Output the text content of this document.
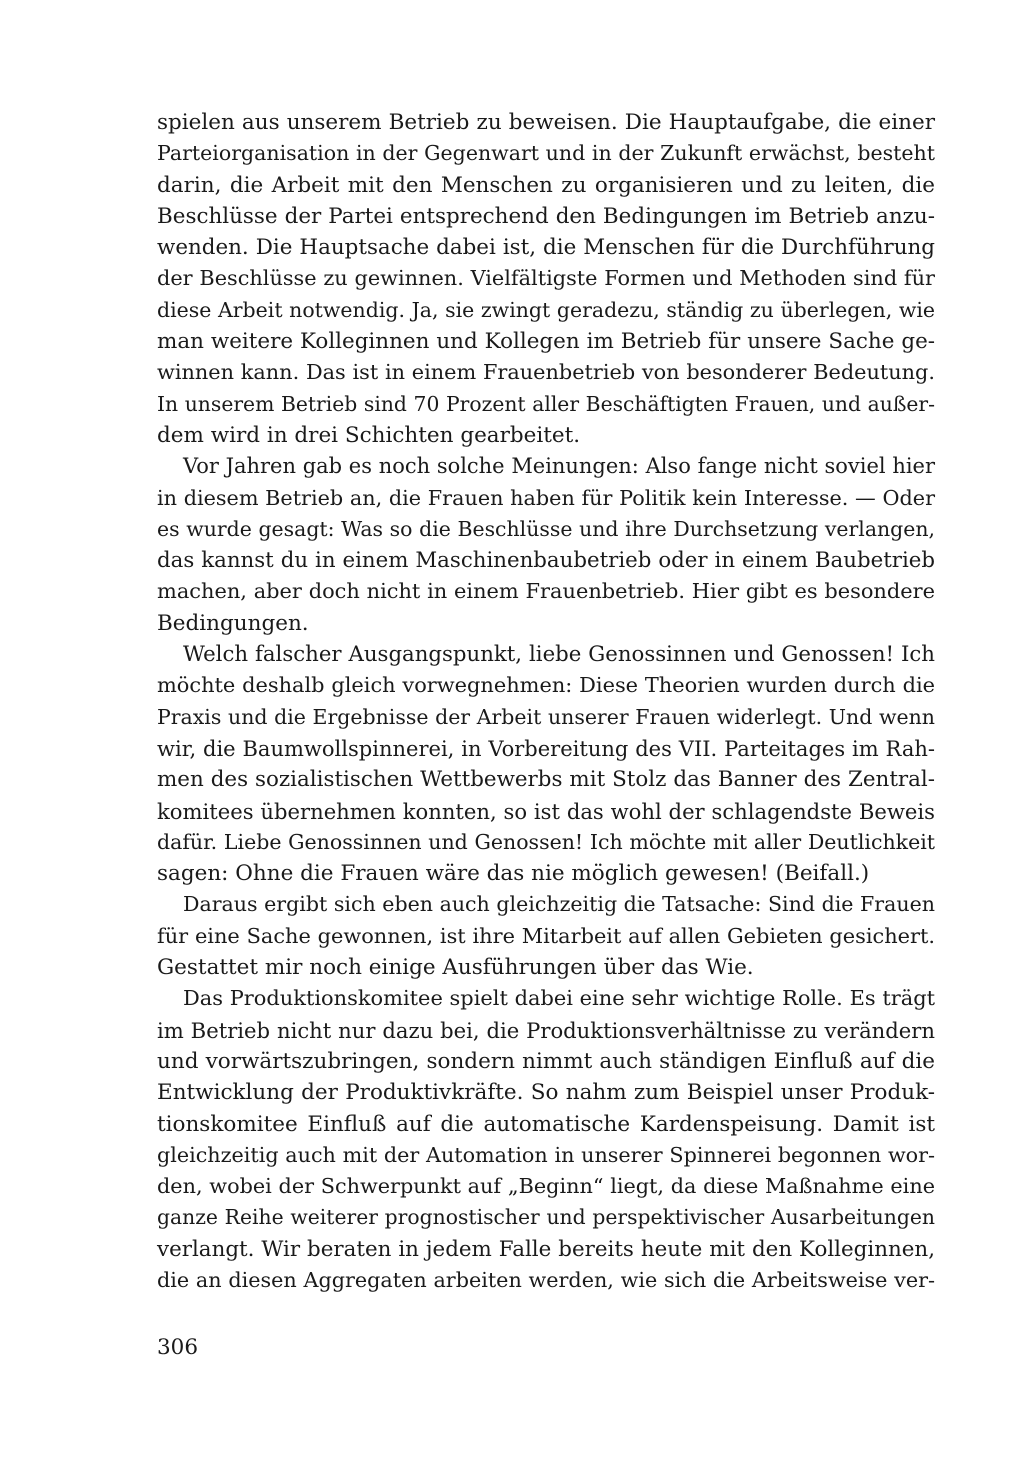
spielen aus unserem Betrieb zu beweisen. Die Hauptaufgabe, die einer
Parteiorganisation in der Gegenwart und in der Zukunft erwächst, besteht
darin, die Arbeit mit den Menschen zu organisieren und zu leiten, die
Beschlüsse der Partei entsprechend den Bedingungen im Betrieb anzu-
wenden. Die Hauptsache dabei ist, die Menschen für die Durchführung
der Beschlüsse zu gewinnen. Vielfältigste Formen und Methoden sind für
diese Arbeit notwendig. Ja, sie zwingt geradezu, ständig zu überlegen, wie
man weitere Kolleginnen und Kollegen im Betrieb für unsere Sache ge-
winnen kann. Das ist in einem Frauenbetrieb von besonderer Bedeutung.
In unserem Betrieb sind 70 Prozent aller Beschäftigten Frauen, und außer-
dem wird in drei Schichten gearbeitet.
Vor Jahren gab es noch solche Meinungen: Also fange nicht soviel hier
in diesem Betrieb an, die Frauen haben für Politik kein Interesse. — Oder
es wurde gesagt: Was so die Beschlüsse und ihre Durchsetzung verlangen,
das kannst du in einem Maschinenbaubetrieb oder in einem Baubetrieb
machen, aber doch nicht in einem Frauenbetrieb. Hier gibt es besondere
Bedingungen.
Welch falscher Ausgangspunkt, liebe Genossinnen und Genossen! Ich
möchte deshalb gleich vorwegnehmen: Diese Theorien wurden durch die
Praxis und die Ergebnisse der Arbeit unserer Frauen widerlegt. Und wenn
wir, die Baumwollspinnerei, in Vorbereitung des VII. Parteitages im Rah-
men des sozialistischen Wettbewerbs mit Stolz das Banner des Zentral-
komitees übernehmen konnten, so ist das wohl der schlagendste Beweis
dafür. Liebe Genossinnen und Genossen! Ich möchte mit aller Deutlichkeit
sagen: Ohne die Frauen wäre das nie möglich gewesen! (Beifall.)
Daraus ergibt sich eben auch gleichzeitig die Tatsache: Sind die Frauen
für eine Sache gewonnen, ist ihre Mitarbeit auf allen Gebieten gesichert.
Gestattet mir noch einige Ausführungen über das Wie.
Das Produktionskomitee spielt dabei eine sehr wichtige Rolle. Es trägt
im Betrieb nicht nur dazu bei, die Produktionsverhältnisse zu verändern
und vorwärtszubringen, sondern nimmt auch ständigen Einfluß auf die
Entwicklung der Produktivkräfte. So nahm zum Beispiel unser Produk-
tionskomitee Einfluß auf die automatische Kardenspeisung. Damit ist
gleichzeitig auch mit der Automation in unserer Spinnerei begonnen wor-
den, wobei der Schwerpunkt auf „Beginn“ liegt, da diese Maßnahme eine
ganze Reihe weiterer prognostischer und perspektivischer Ausarbeitungen
verlangt. Wir beraten in jedem Falle bereits heute mit den Kolleginnen,
die an diesen Aggregaten arbeiten werden, wie sich die Arbeitsweise ver-
306
